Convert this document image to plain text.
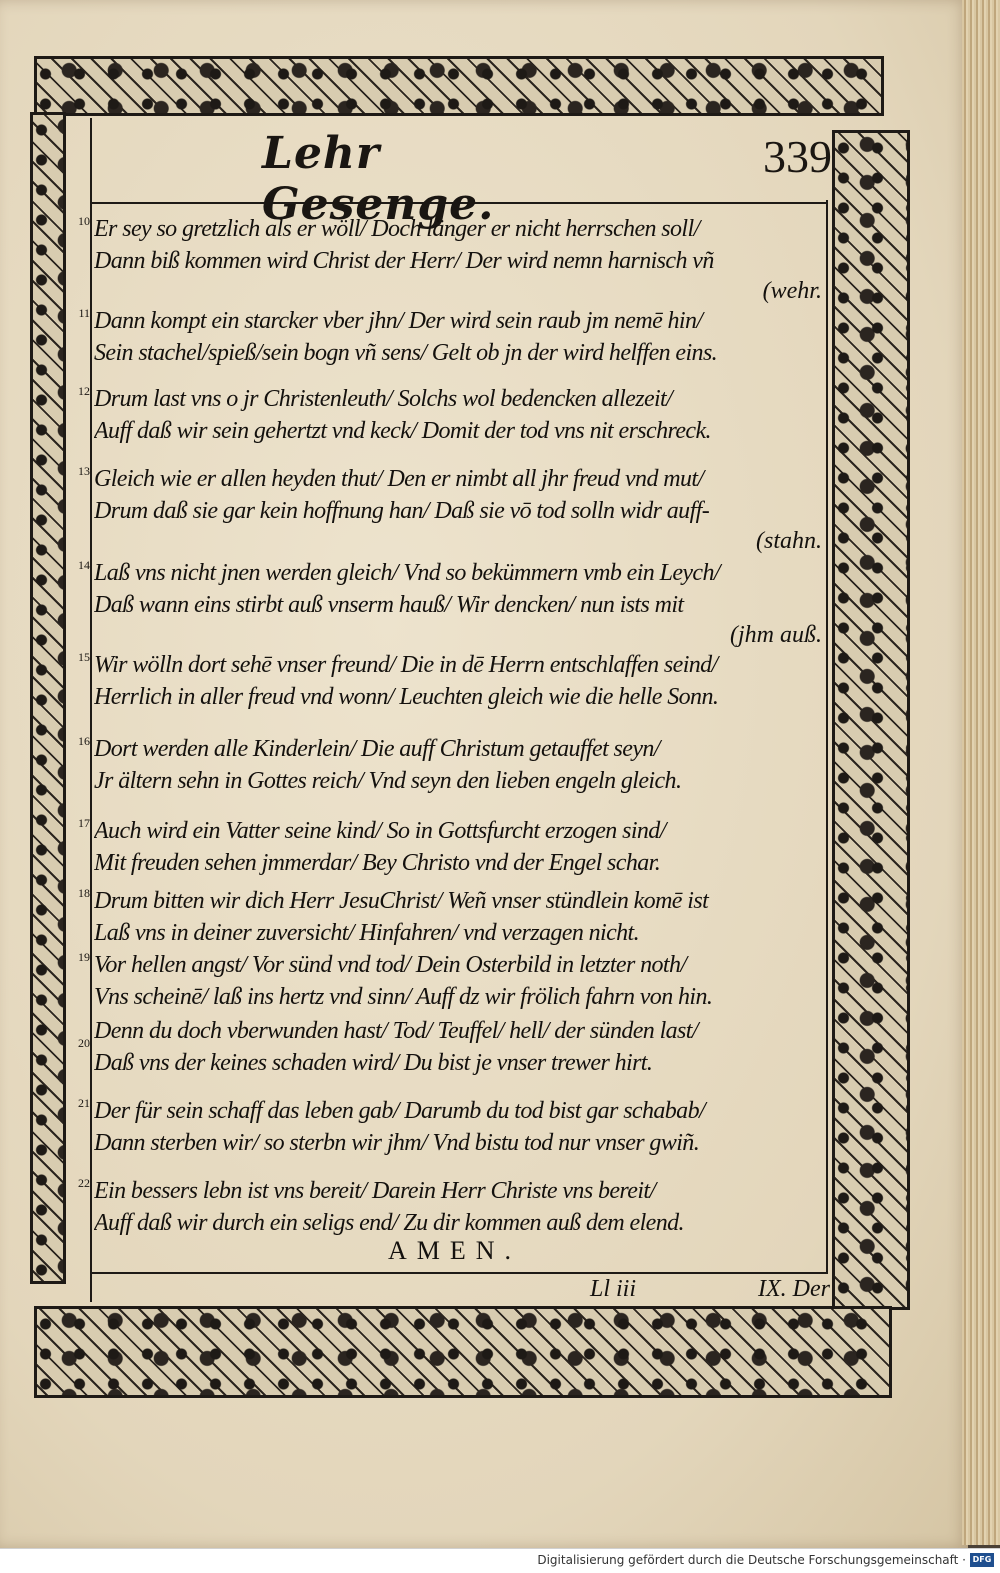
Lehr Gesenge.
339
10 Er sey so gretzlich als er wöll/ Doch länger er nicht herrschen soll/
Dann biß kommen wird Christ der Herr/ Der wird nemn harnisch vñ
(wehr.
11 Dann kompt ein starcker vber jhn/ Der wird sein raub jm nemē hin/
Sein stachel/spieß/sein bogn vñ sens/ Gelt ob jn der wird helffen eins.
12 Drum last vns o jr Christenleuth/ Solchs wol bedencken allezeit/
Auff daß wir sein gehertzt vnd keck/ Domit der tod vns nit erschreck.
13 Gleich wie er allen heyden thut/ Den er nimbt all jhr freud vnd mut/
Drum daß sie gar kein hoffnung han/ Daß sie vō tod solln widr auff-
(stahn.
14 Laß vns nicht jnen werden gleich/ Vnd so bekümmern vmb ein Leych/
Daß wann eins stirbt auß vnserm hauß/ Wir dencken/ nun ists mit
(jhm auß.
15 Wir wölln dort sehē vnser freund/ Die in dē Herrn entschlaffen seind/
Herrlich in aller freud vnd wonn/ Leuchten gleich wie die helle Sonn.
16 Dort werden alle Kinderlein/ Die auff Christum getauffet seyn/
Jr ältern sehn in Gottes reich/ Vnd seyn den lieben engeln gleich.
17 Auch wird ein Vatter seine kind/ So in Gottsfurcht erzogen sind/
Mit freuden sehen jmmerdar/ Bey Christo vnd der Engel schar.
18 Drum bitten wir dich Herr JesuChrist/ Weñ vnser stündlein komē ist
Laß vns in deiner zuversicht/ Hinfahren/ vnd verzagen nicht.
19 Vor hellen angst/ Vor sünd vnd tod/ Dein Osterbild in letzter noth/
Vns scheinē/ laß ins hertz vnd sinn/ Auff dz wir frölich fahrn von hin.
20 Denn du doch vberwunden hast/ Tod/ Teuffel/ hell/ der sünden last/
Daß vns der keines schaden wird/ Du bist je vnser trewer hirt.
21 Der für sein schaff das leben gab/ Darumb du tod bist gar schabab/
Dann sterben wir/ so sterbn wir jhm/ Vnd bistu tod nur vnser gwiñ.
22 Ein bessers lebn ist vns bereit/ Darein Herr Christe vns bereit/
Auff daß wir durch ein seligs end/ Zu dir kommen auß dem elend.
AMEN.
Ll iii	IX. Der
Digitalisierung gefördert durch die Deutsche Forschungsgemeinschaft · DFG
